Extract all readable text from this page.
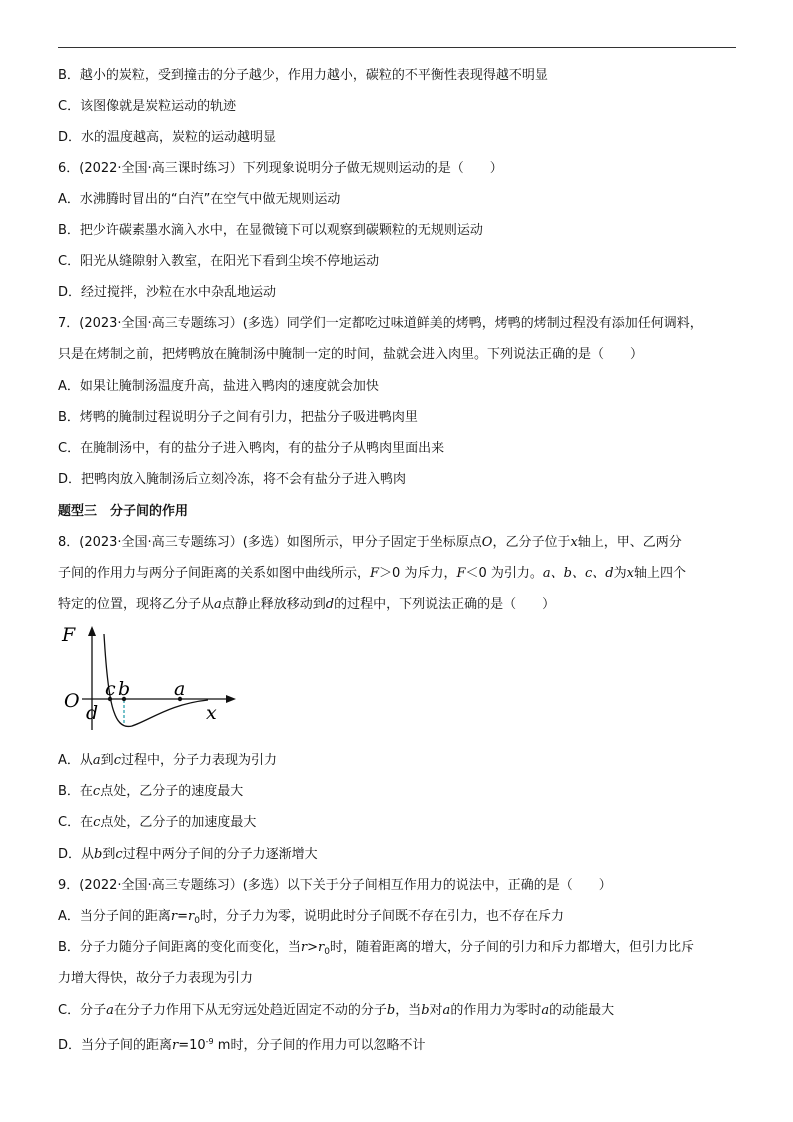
B．越小的炭粒，受到撞击的分子越少，作用力越小，碳粒的不平衡性表现得越不明显
C．该图像就是炭粒运动的轨迹
D．水的温度越高，炭粒的运动越明显
6．(2022·全国·高三课时练习）下列现象说明分子做无规则运动的是（　　）
A．水沸腾时冒出的“白汽”在空气中做无规则运动
B．把少许碳素墨水滴入水中，在显微镜下可以观察到碳颗粒的无规则运动
C．阳光从缝隙射入教室，在阳光下看到尘埃不停地运动
D．经过搅拌，沙粒在水中杂乱地运动
7．(2023·全国·高三专题练习）(多选）同学们一定都吃过味道鲜美的烤鸭，烤鸭的烤制过程没有添加任何调料，
只是在烤制之前，把烤鸭放在腌制汤中腌制一定的时间，盐就会进入肉里。下列说法正确的是（　　）
A．如果让腌制汤温度升高，盐进入鸭肉的速度就会加快
B．烤鸭的腌制过程说明分子之间有引力，把盐分子吸进鸭肉里
C．在腌制汤中，有的盐分子进入鸭肉，有的盐分子从鸭肉里面出来
D．把鸭肉放入腌制汤后立刻冷冻，将不会有盐分子进入鸭肉
题型三　分子间的作用
8．(2023·全国·高三专题练习）(多选）如图所示，甲分子固定于坐标原点O，乙分子位于x轴上，甲、乙两分
子间的作用力与两分子间距离的关系如图中曲线所示，F＞0 为斥力，F＜0 为引力。a、b、c、d为x轴上四个
特定的位置，现将乙分子从a点静止释放移动到d的过程中，下列说法正确的是（　　）
F
O
c b a
d	x
A．从a到c过程中，分子力表现为引力
B．在c点处，乙分子的速度最大
C．在c点处，乙分子的加速度最大
D．从b到c过程中两分子间的分子力逐渐增大
9．(2022·全国·高三专题练习）(多选）以下关于分子间相互作用力的说法中，正确的是（　　）
A．当分子间的距离$r=r_0$时，分子力为零，说明此时分子间既不存在引力，也不存在斥力
B．分子力随分子间距离的变化而变化，当$r>r_0$时，随着距离的增大，分子间的引力和斥力都增大，但引力比斥
力增大得快，故分子力表现为引力
C．分子a在分子力作用下从无穷远处趋近固定不动的分子b，当b对a的作用力为零时a的动能最大
D．当分子间的距离$r=10^{-9}$ m时，分子间的作用力可以忽略不计
